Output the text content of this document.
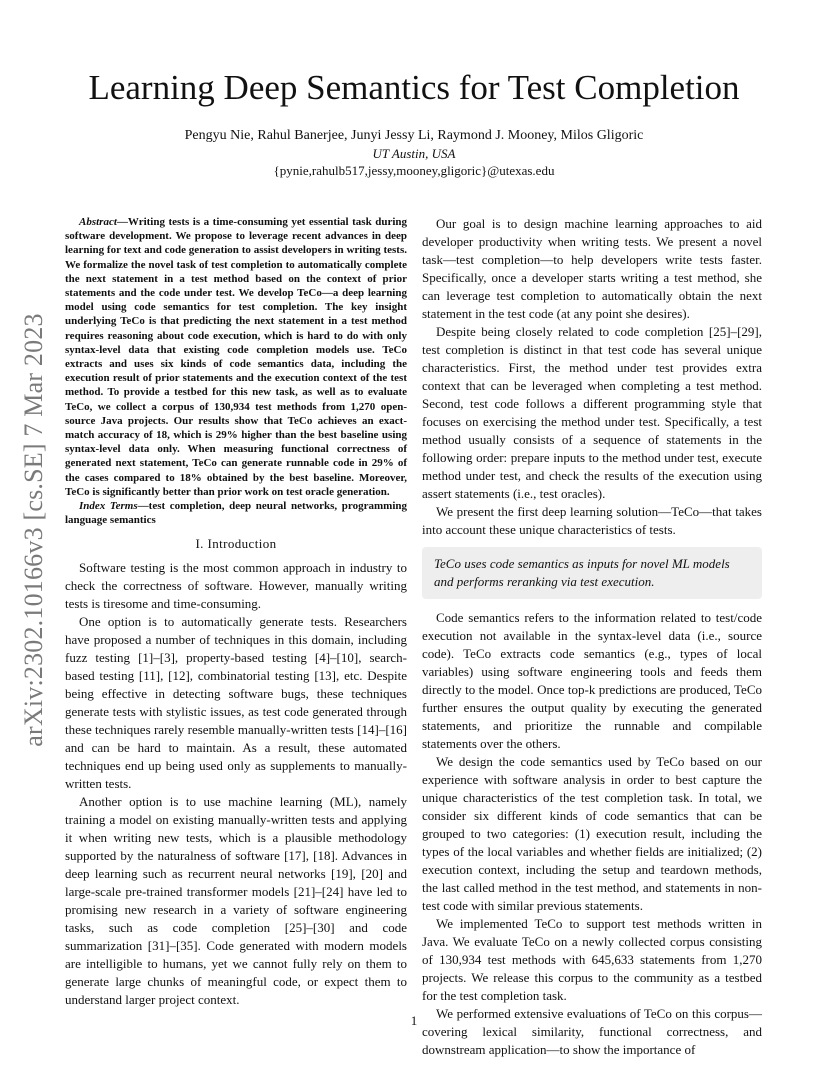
arXiv:2302.10166v3 [cs.SE] 7 Mar 2023
Learning Deep Semantics for Test Completion
Pengyu Nie, Rahul Banerjee, Junyi Jessy Li, Raymond J. Mooney, Milos Gligoric
UT Austin, USA
{pynie,rahulb517,jessy,mooney,gligoric}@utexas.edu

Abstract—Writing tests is a time-consuming yet essential task during software development. We propose to leverage recent advances in deep learning for text and code generation to assist developers in writing tests. We formalize the novel task of test completion to automatically complete the next statement in a test method based on the context of prior statements and the code under test. We develop TeCo—a deep learning model using code semantics for test completion. The key insight underlying TeCo is that predicting the next statement in a test method requires reasoning about code execution, which is hard to do with only syntax-level data that existing code completion models use. TeCo extracts and uses six kinds of code semantics data, including the execution result of prior statements and the execution context of the test method. To provide a testbed for this new task, as well as to evaluate TeCo, we collect a corpus of 130,934 test methods from 1,270 open-source Java projects. Our results show that TeCo achieves an exact-match accuracy of 18, which is 29% higher than the best baseline using syntax-level data only. When measuring functional correctness of generated next statement, TeCo can generate runnable code in 29% of the cases compared to 18% obtained by the best baseline. Moreover, TeCo is significantly better than prior work on test oracle generation.

Index Terms—test completion, deep neural networks, programming language semantics

I. Introduction

Software testing is the most common approach in industry to check the correctness of software. However, manually writing tests is tiresome and time-consuming.

One option is to automatically generate tests. Researchers have proposed a number of techniques in this domain, including fuzz testing [1]–[3], property-based testing [4]–[10], search-based testing [11], [12], combinatorial testing [13], etc. Despite being effective in detecting software bugs, these techniques generate tests with stylistic issues, as test code generated through these techniques rarely resemble manually-written tests [14]–[16] and can be hard to maintain. As a result, these automated techniques end up being used only as supplements to manually-written tests.

Another option is to use machine learning (ML), namely training a model on existing manually-written tests and applying it when writing new tests, which is a plausible methodology supported by the naturalness of software [17], [18]. Advances in deep learning such as recurrent neural networks [19], [20] and large-scale pre-trained transformer models [21]–[24] have led to promising new research in a variety of software engineering tasks, such as code completion [25]–[30] and code summarization [31]–[35]. Code generated with modern models are intelligible to humans, yet we cannot fully rely on them to generate large chunks of meaningful code, or expect them to understand larger project context.

Our goal is to design machine learning approaches to aid developer productivity when writing tests. We present a novel task—test completion—to help developers write tests faster. Specifically, once a developer starts writing a test method, she can leverage test completion to automatically obtain the next statement in the test code (at any point she desires).

Despite being closely related to code completion [25]–[29], test completion is distinct in that test code has several unique characteristics. First, the method under test provides extra context that can be leveraged when completing a test method. Second, test code follows a different programming style that focuses on exercising the method under test. Specifically, a test method usually consists of a sequence of statements in the following order: prepare inputs to the method under test, execute method under test, and check the results of the execution using assert statements (i.e., test oracles).

We present the first deep learning solution—TeCo—that takes into account these unique characteristics of tests.

TeCo uses code semantics as inputs for novel ML models and performs reranking via test execution.

Code semantics refers to the information related to test/code execution not available in the syntax-level data (i.e., source code). TeCo extracts code semantics (e.g., types of local variables) using software engineering tools and feeds them directly to the model. Once top-k predictions are produced, TeCo further ensures the output quality by executing the generated statements, and prioritize the runnable and compilable statements over the others.

We design the code semantics used by TeCo based on our experience with software analysis in order to best capture the unique characteristics of the test completion task. In total, we consider six different kinds of code semantics that can be grouped to two categories: (1) execution result, including the types of the local variables and whether fields are initialized; (2) execution context, including the setup and teardown methods, the last called method in the test method, and statements in non-test code with similar previous statements.

We implemented TeCo to support test methods written in Java. We evaluate TeCo on a newly collected corpus consisting of 130,934 test methods with 645,633 statements from 1,270 projects. We release this corpus to the community as a testbed for the test completion task.

We performed extensive evaluations of TeCo on this corpus—covering lexical similarity, functional correctness, and downstream application—to show the importance of

1
